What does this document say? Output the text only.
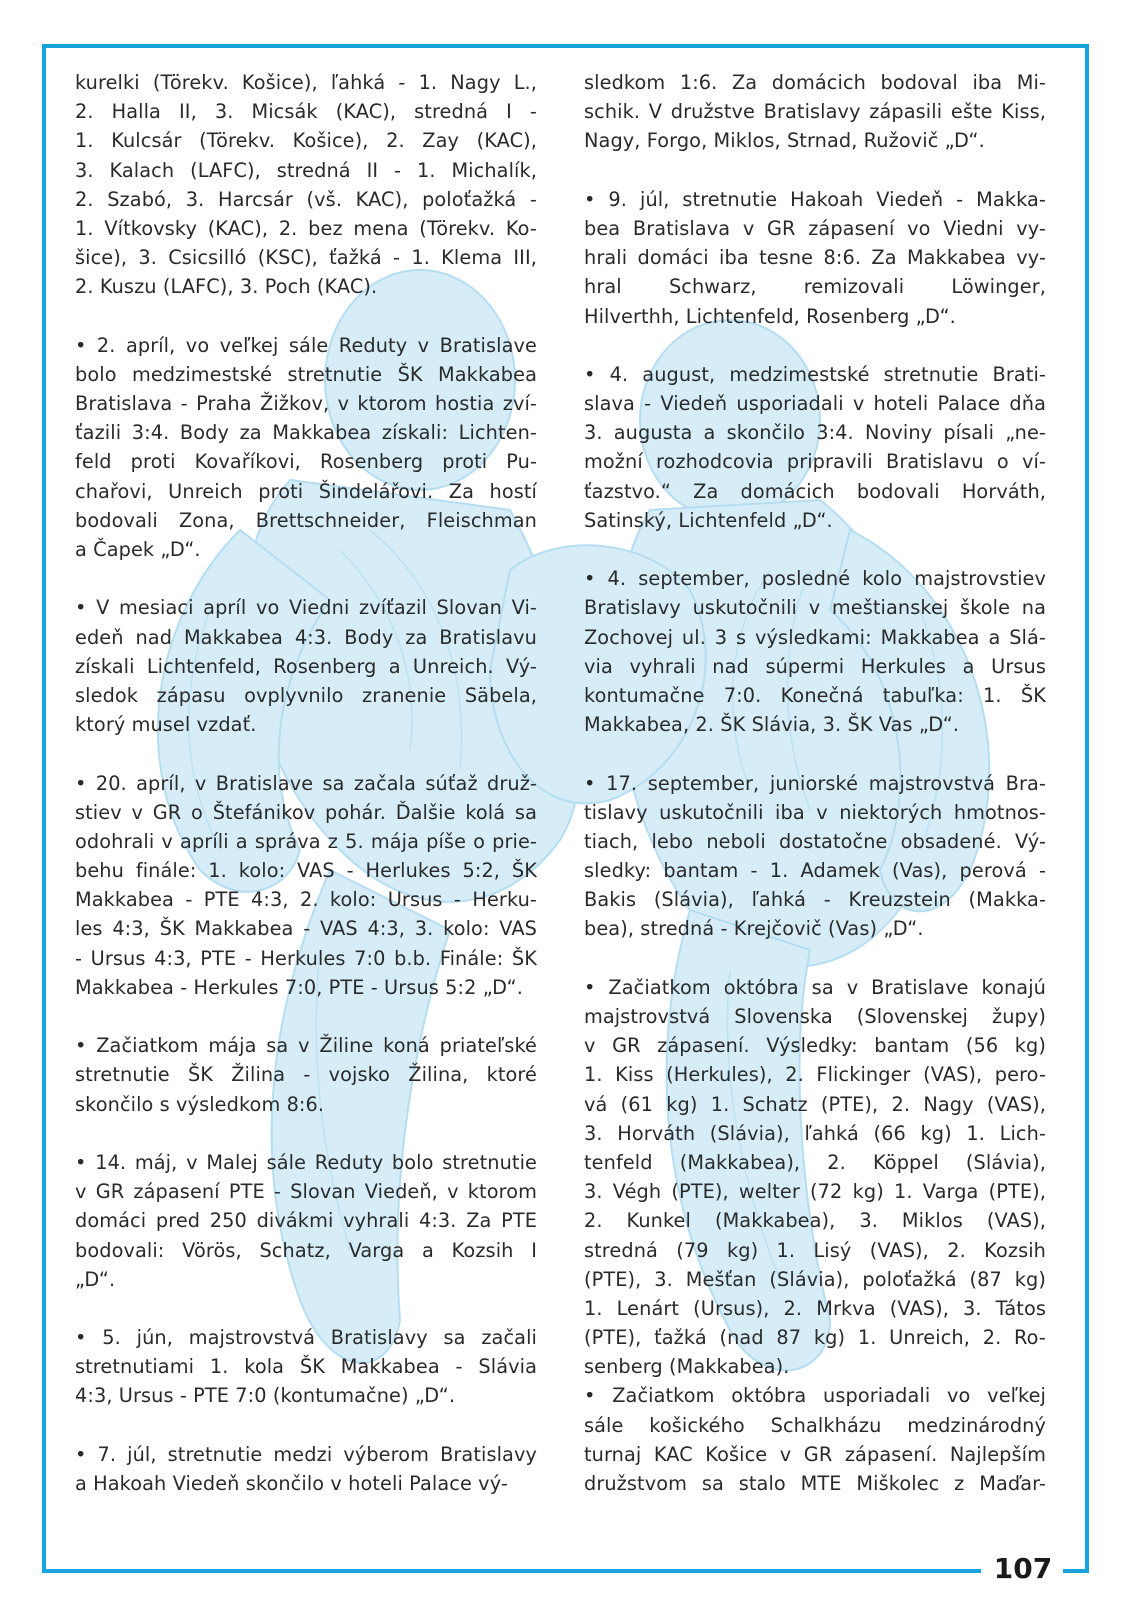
107
kurelki (Törekv. Košice), ľahká - 1. Nagy L.,
2. Halla II, 3. Micsák (KAC), stredná I -
1. Kulcsár (Törekv. Košice), 2. Zay (KAC),
3. Kalach (LAFC), stredná II - 1. Michalík,
2. Szabó, 3. Harcsár (vš. KAC), poloťažká -
1. Vítkovsky (KAC), 2. bez mena (Törekv. Ko-
šice), 3. Csicsilló (KSC), ťažká - 1. Klema III,
2. Kuszu (LAFC), 3. Poch (KAC).
• 2. apríl, vo veľkej sále Reduty v Bratislave
bolo medzimestské stretnutie ŠK Makkabea
Bratislava - Praha Žižkov, v ktorom hostia zví-
ťazili 3:4. Body za Makkabea získali: Lichten-
feld proti Kovaříkovi, Rosenberg proti Pu-
chařovi, Unreich proti Šindelářovi. Za hostí
bodovali Zona, Brettschneider, Fleischman
a Čapek „D“.
• V mesiaci apríl vo Viedni zvíťazil Slovan Vi-
edeň nad Makkabea 4:3. Body za Bratislavu
získali Lichtenfeld, Rosenberg a Unreich. Vý-
sledok zápasu ovplyvnilo zranenie Säbela,
ktorý musel vzdať.
• 20. apríl, v Bratislave sa začala súťaž druž-
stiev v GR o Štefánikov pohár. Ďalšie kolá sa
odohrali v apríli a správa z 5. mája píše o prie-
behu finále: 1. kolo: VAS - Herlukes 5:2, ŠK
Makkabea - PTE 4:3, 2. kolo: Ursus - Herku-
les 4:3, ŠK Makkabea - VAS 4:3, 3. kolo: VAS
- Ursus 4:3, PTE - Herkules 7:0 b.b. Finále: ŠK
Makkabea - Herkules 7:0, PTE - Ursus 5:2 „D“.
• Začiatkom mája sa v Žiline koná priateľské
stretnutie ŠK Žilina - vojsko Žilina, ktoré
skončilo s výsledkom 8:6.
• 14. máj, v Malej sále Reduty bolo stretnutie
v GR zápasení PTE - Slovan Viedeň, v ktorom
domáci pred 250 divákmi vyhrali 4:3. Za PTE
bodovali: Vörös, Schatz, Varga a Kozsih I
„D“.
• 5. jún, majstrovstvá Bratislavy sa začali
stretnutiami 1. kola ŠK Makkabea - Slávia
4:3, Ursus - PTE 7:0 (kontumačne) „D“.
• 7. júl, stretnutie medzi výberom Bratislavy
a Hakoah Viedeň skončilo v hoteli Palace vý-
sledkom 1:6. Za domácich bodoval iba Mi-
schik. V družstve Bratislavy zápasili ešte Kiss,
Nagy, Forgo, Miklos, Strnad, Ružovič „D“.
• 9. júl, stretnutie Hakoah Viedeň - Makka-
bea Bratislava v GR zápasení vo Viedni vy-
hrali domáci iba tesne 8:6. Za Makkabea vy-
hral Schwarz, remizovali Löwinger,
Hilverthh, Lichtenfeld, Rosenberg „D“.
• 4. august, medzimestské stretnutie Brati-
slava - Viedeň usporiadali v hoteli Palace dňa
3. augusta a skončilo 3:4. Noviny písali „ne-
možní rozhodcovia pripravili Bratislavu o ví-
ťazstvo.“ Za domácich bodovali Horváth,
Satinský, Lichtenfeld „D“.
• 4. september, posledné kolo majstrovstiev
Bratislavy uskutočnili v meštianskej škole na
Zochovej ul. 3 s výsledkami: Makkabea a Slá-
via vyhrali nad súpermi Herkules a Ursus
kontumačne 7:0. Konečná tabuľka: 1. ŠK
Makkabea, 2. ŠK Slávia, 3. ŠK Vas „D“.
• 17. september, juniorské majstrovstvá Bra-
tislavy uskutočnili iba v niektorých hmotnos-
tiach, lebo neboli dostatočne obsadené. Vý-
sledky: bantam - 1. Adamek (Vas), perová -
Bakis (Slávia), ľahká - Kreuzstein (Makka-
bea), stredná - Krejčovič (Vas) „D“.
• Začiatkom októbra sa v Bratislave konajú
majstrovstvá Slovenska (Slovenskej župy)
v GR zápasení. Výsledky: bantam (56 kg)
1. Kiss (Herkules), 2. Flickinger (VAS), pero-
vá (61 kg) 1. Schatz (PTE), 2. Nagy (VAS),
3. Horváth (Slávia), ľahká (66 kg) 1. Lich-
tenfeld (Makkabea), 2. Köppel (Slávia),
3. Végh (PTE), welter (72 kg) 1. Varga (PTE),
2. Kunkel (Makkabea), 3. Miklos (VAS),
stredná (79 kg) 1. Lisý (VAS), 2. Kozsih
(PTE), 3. Mešťan (Slávia), poloťažká (87 kg)
1. Lenárt (Ursus), 2. Mrkva (VAS), 3. Tátos
(PTE), ťažká (nad 87 kg) 1. Unreich, 2. Ro-
senberg (Makkabea).
• Začiatkom októbra usporiadali vo veľkej
sále košického Schalkházu medzinárodný
turnaj KAC Košice v GR zápasení. Najlepším
družstvom sa stalo MTE Miškolec z Maďar-
